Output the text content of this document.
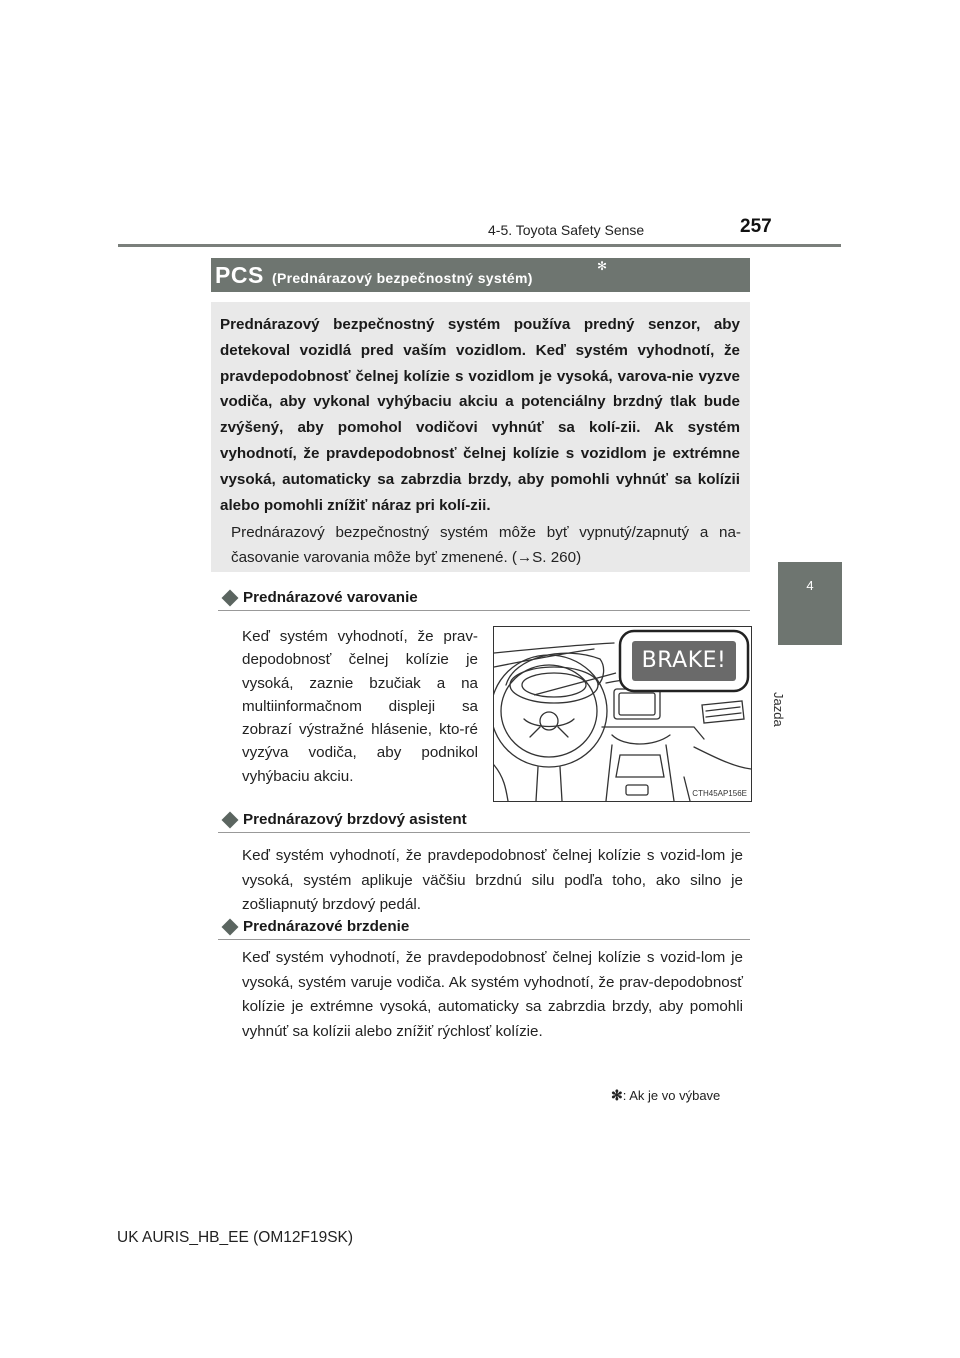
4-5. Toyota Safety Sense	257
4
Jazda
PCS (Prednárazový bezpečnostný systém)
✻

Prednárazový bezpečnostný systém používa predný senzor, aby detekoval vozidlá pred vaším vozidlom. Keď systém vyhodnotí, že pravdepodobnosť čelnej kolízie s vozidlom je vysoká, varova-nie vyzve vodiča, aby vykonal vyhýbaciu akciu a potenciálny brzdný tlak bude zvýšený, aby pomohol vodičovi vyhnúť sa kolí-zii. Ak systém vyhodnotí, že pravdepodobnosť čelnej kolízie s vozidlom je extrémne vysoká, automaticky sa zabrzdia brzdy, aby pomohli vyhnúť sa kolízii alebo pomohli znížiť náraz pri kolí-zii.

Prednárazový bezpečnostný systém môže byť vypnutý/zapnutý a na-časovanie varovania môže byť zmenené. (→S. 260)

Prednárazové varovanie

Keď systém vyhodnotí, že prav-depodobnosť čelnej kolízie je vysoká, zaznie bzučiak a na multiinformačnom displeji sa zobrazí výstražné hlásenie, kto-ré vyzýva vodiča, aby podnikol vyhýbaciu akciu.

BRAKE!
CTH45AP156E
Prednárazový brzdový asistent

Keď systém vyhodnotí, že pravdepodobnosť čelnej kolízie s vozid-lom je vysoká, systém aplikuje väčšiu brzdnú silu podľa toho, ako silno je zošliapnutý brzdový pedál.

Prednárazové brzdenie

Keď systém vyhodnotí, že pravdepodobnosť čelnej kolízie s vozid-lom je vysoká, systém varuje vodiča. Ak systém vyhodnotí, že prav-depodobnosť kolízie je extrémne vysoká, automaticky sa zabrzdia brzdy, aby pomohli vyhnúť sa kolízii alebo znížiť rýchlosť kolízie.

✻: Ak je vo výbave
UK AURIS_HB_EE (OM12F19SK)
